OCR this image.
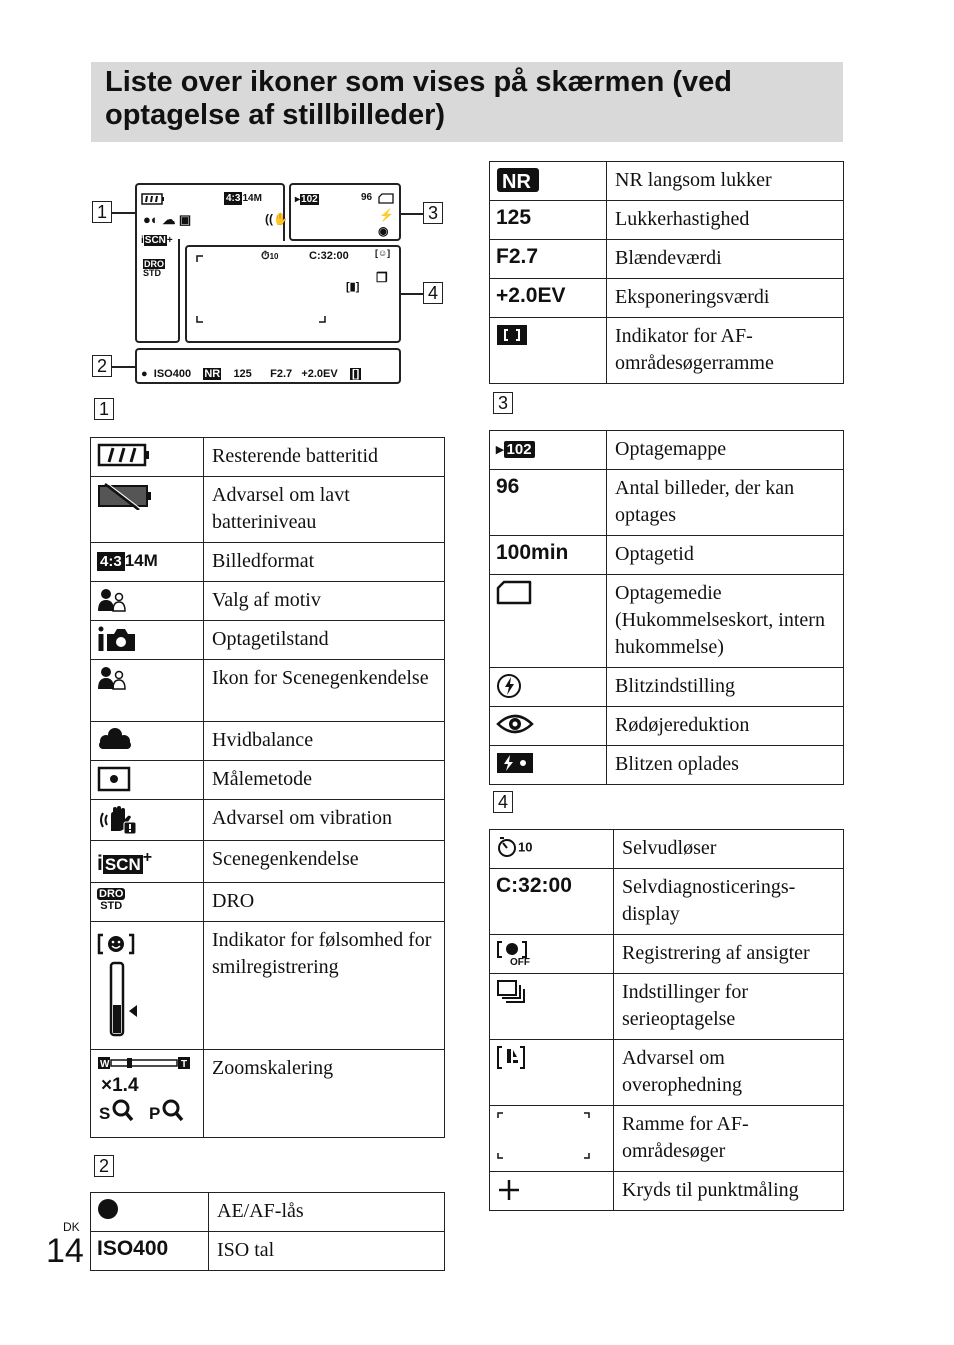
Liste over ikoner som vises på skærmen (ved optagelse af stillbilleder)
1
2
3
4
4:3 14M
●◐ ☁ ▣	((✋
iSCN+
DRO
STD
▸102	96
⚡
◉
⏱10	C:32:00	[☺]
❐
[▮]
●  ISO400 NR 125 F2.7 +2.0EV []
1
	Resterende batteritid

	Advarsel om lavt batteriniveau
4:3 14M	Billedformat

	Valg af motiv

	Optagetilstand

	Ikon for Scenegenkendelse

	Hvidbalance

	Målemetode

	Advarsel om vibration
i SCN +	Scenegenkendelse
DRO
STD	DRO

	Indikator for følsomhed for smilregistrering

W T
×1.4
S P	Zoomskalering
2
	AE/AF-lås
ISO400	ISO tal
NR	NR langsom lukker
125	Lukkerhastighed
F2.7	Blændeværdi
+2.0EV	Eksponeringsværdi

	Indikator for AF-områdesøgerramme
3
▸ 102	Optagemappe
96	Antal billeder, der kan optages
100min	Optagetid

	Optagemedie (Hukommelseskort, intern hukommelse)

	Blitzindstilling

	Rødøjereduktion

	Blitzen oplades
4
10	Selvudløser
C:32:00	Selvdiagnosticerings-display

OFF	Registrering af ansigter

	Indstillinger for serieoptagelse

	Advarsel om overophedning

	Ramme for AF-områdesøger

	Kryds til punktmåling
DK
14
